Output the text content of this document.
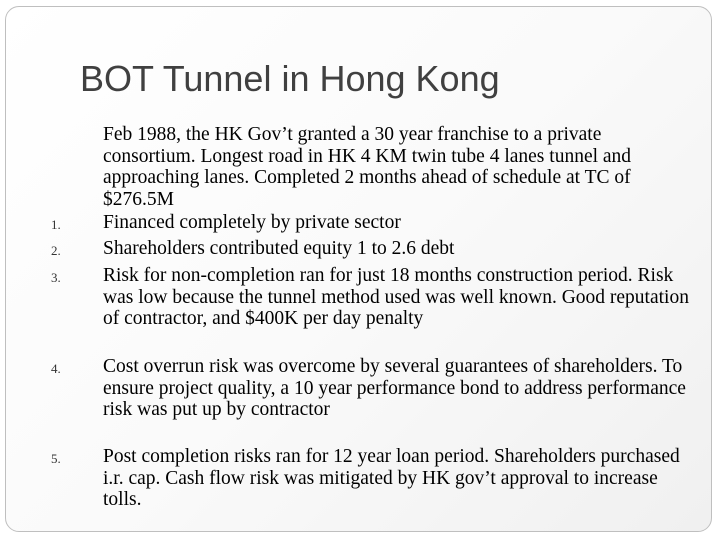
BOT Tunnel in Hong Kong
Feb 1988, the HK Gov’t granted a 30 year franchise to a private consortium. Longest road in HK 4 KM twin tube 4 lanes tunnel and approaching lanes. Completed 2 months ahead of schedule at TC of $276.5M
1.	Financed completely by private sector
2.	Shareholders contributed equity 1 to 2.6 debt
3.	Risk for non-completion ran for just 18 months construction period. Risk was low because the tunnel method used was well known. Good reputation of contractor, and $400K per day penalty
4.	Cost overrun risk was overcome by several guarantees of shareholders. To ensure project quality, a 10 year performance bond to address performance risk was put up by contractor
5.	Post completion risks ran for 12 year loan period. Shareholders purchased i.r. cap. Cash flow risk was mitigated by HK gov’t approval to increase tolls.
